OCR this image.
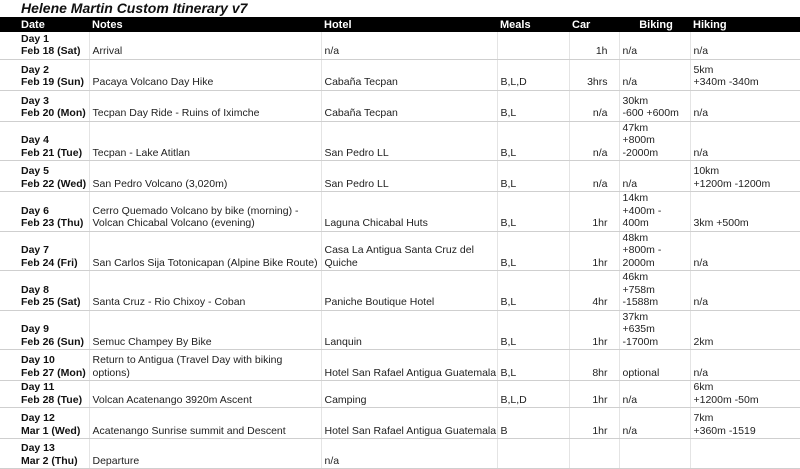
Helene Martin Custom Itinerary v7
Date	Notes	Hotel	Meals	Car	Biking	Hiking

Day 1
Feb 18 (Sat)	Arrival	n/a		1h	n/a	n/a

Day 2
Feb 19 (Sun)	Pacaya Volcano Day Hike	Cabaña Tecpan	B,L,D	3hrs	n/a	5km
+340m -340m

Day 3
Feb 20 (Mon)	Tecpan Day Ride - Ruins of Iximche	Cabaña Tecpan	B,L	n/a	30km
-600 +600m	n/a

Day 4
Feb 21 (Tue)	Tecpan - Lake Atitlan	San Pedro LL	B,L	n/a	47km
+800m -2000m	n/a

Day 5
Feb 22 (Wed)	San Pedro Volcano (3,020m)	San Pedro LL	B,L	n/a	n/a	10km
+1200m -1200m

Day 6
Feb 23 (Thu)	Cerro Quemado Volcano by bike (morning) - Volcan Chicabal Volcano (evening)	Laguna Chicabal Huts	B,L	1hr	14km
+400m - 400m	3km +500m

Day 7
Feb 24 (Fri)	San Carlos Sija Totonicapan (Alpine Bike Route)	Casa La Antigua Santa Cruz del Quiche	B,L	1hr	48km
+800m - 2000m	n/a

Day 8
Feb 25 (Sat)	Santa Cruz - Rio Chixoy - Coban	Paniche Boutique Hotel	B,L	4hr	46km
+758m -1588m	n/a

Day 9
Feb 26 (Sun)	Semuc Champey By Bike	Lanquin	B,L	1hr	37km
+635m -1700m	2km

Day 10
Feb 27 (Mon)	Return to Antigua (Travel Day with biking options)	Hotel San Rafael Antigua Guatemala	B,L	8hr	optional	n/a

Day 11
Feb 28 (Tue)	Volcan Acatenango 3920m Ascent	Camping	B,L,D	1hr	n/a	6km
+1200m -50m

Day 12
Mar 1 (Wed)	Acatenango Sunrise summit and Descent	Hotel San Rafael Antigua Guatemala	B	1hr	n/a	7km
+360m -1519

Day 13
Mar 2 (Thu)	Departure	n/a				
